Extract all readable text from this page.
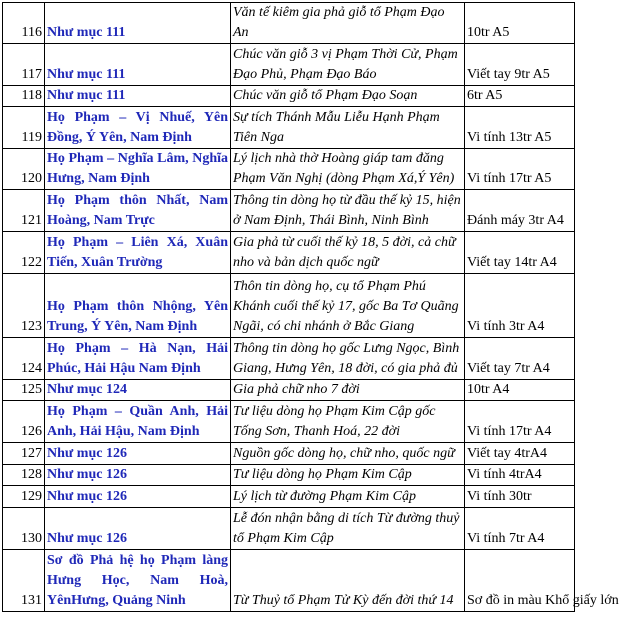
116	Như mục 111	Văn tế kiêm gia phả giỗ tổ Phạm Đạo An	10tr A5
117	Như mục 111	Chúc văn giỗ 3 vị Phạm Thời Cử, Phạm Đạo Phủ, Phạm Đạo Báo	Viết tay 9tr A5
118	Như mục 111	Chúc văn giỗ tổ Phạm Đạo Soạn	6tr A5
119	Họ Phạm – Vị Nhuế, Yên Đồng, Ý Yên, Nam Định	Sự tích Thánh Mẫu Liễu Hạnh Phạm Tiên Nga	Vi tính 13tr A5
120	Họ Phạm – Nghĩa Lâm, Nghĩa Hưng, Nam Định	Lý lịch nhà thờ Hoàng giáp tam đăng Phạm Văn Nghị (dòng Phạm Xá,Ý Yên)	Vi tính 17tr A5
121	Họ Phạm thôn Nhất, Nam Hoàng, Nam Trực	Thông tin dòng họ từ đầu thế kỷ 15, hiện ở Nam Định, Thái Bình, Ninh Bình	Đánh máy 3tr A4
122	Họ Phạm – Liên Xá, Xuân Tiến, Xuân Trường	Gia phả từ cuối thế kỷ 18, 5 đời, cả chữ nho và bản dịch quốc ngữ	Viết tay 14tr A4
123	Họ Phạm thôn Nhộng, Yên Trung, Ý Yên, Nam Định	Thôn tin dòng họ, cụ tổ Phạm Phú Khánh cuối thế kỷ 17, gốc Ba Tơ Quãng Ngãi, có chi nhánh ở Bắc Giang	Vi tính 3tr A4
124	Họ Phạm – Hà Nạn, Hải Phúc, Hải Hậu Nam Định	Thông tin dòng họ gốc Lưng Ngọc, Bình Giang, Hưng Yên, 18 đời, có gia phả đủ	Viết tay 7tr A4
125	Như mục 124	Gia phả chữ nho 7 đời	10tr A4
126	Họ Phạm – Quần Anh, Hải Anh, Hải Hậu, Nam Định	Tư liệu dòng họ Phạm Kim Cập gốc Tống Sơn, Thanh Hoá, 22 đời	Vi tính 17tr A4
127	Như mục 126	Nguồn gốc dòng họ, chữ nho, quốc ngữ	Viết tay 4trA4
128	Như mục 126	Tư liệu dòng họ Phạm Kim Cập	Vi tính 4trA4
129	Như mục 126	Lý lịch từ đường Phạm Kim Cập	Vi tính 30tr
130	Như mục 126	Lễ đón nhận bằng di tích Từ đường thuỷ tổ Phạm Kim Cập	Vi tính 7tr A4
131	Sơ đồ Phả hệ họ Phạm làng Hưng Học, Nam Hoà, YênHưng, Quảng Ninh	Từ Thuỷ tổ Phạm Tử Kỳ đến đời thứ 14	Sơ đồ in màu Khổ giấy lớn
